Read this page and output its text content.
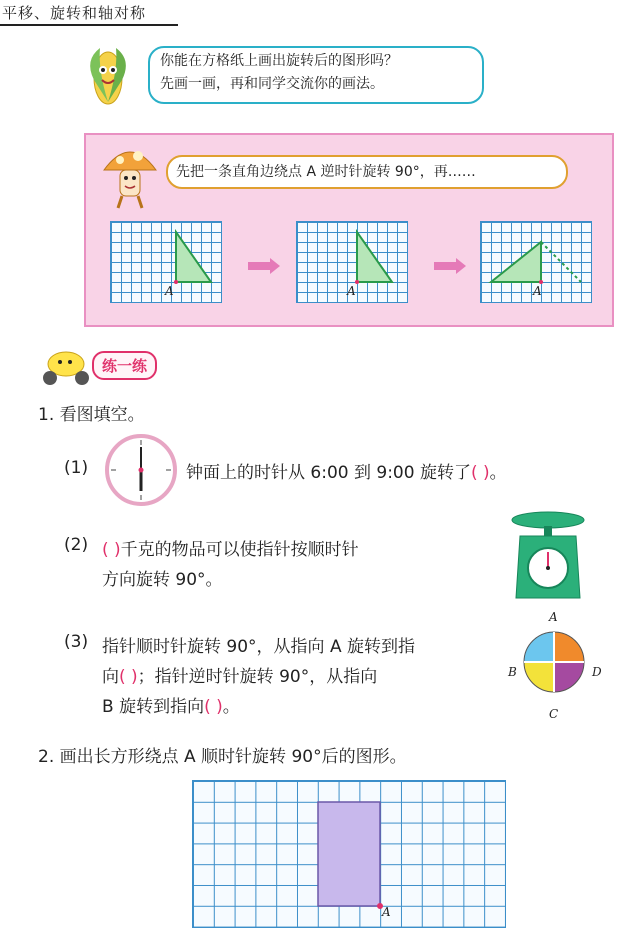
平移、旋转和轴对称
你能在方格纸上画出旋转后的图形吗？
先画一画，再和同学交流你的画法。
先把一条直角边绕点 A 逆时针旋转 90°，再……
A	A	A
练一练
1. 看图填空。
(1)	钟面上的时针从 6:00 到 9:00 旋转了( )。
(2) ( )千克的物品可以使指针按顺时针
方向旋转 90°。
(3) 指针顺时针旋转 90°，从指向 A 旋转到指
向( )；指针逆时针旋转 90°，从指向
B 旋转到指向( )。
A
B	D
C
2. 画出长方形绕点 A 顺时针旋转 90°后的图形。
A
